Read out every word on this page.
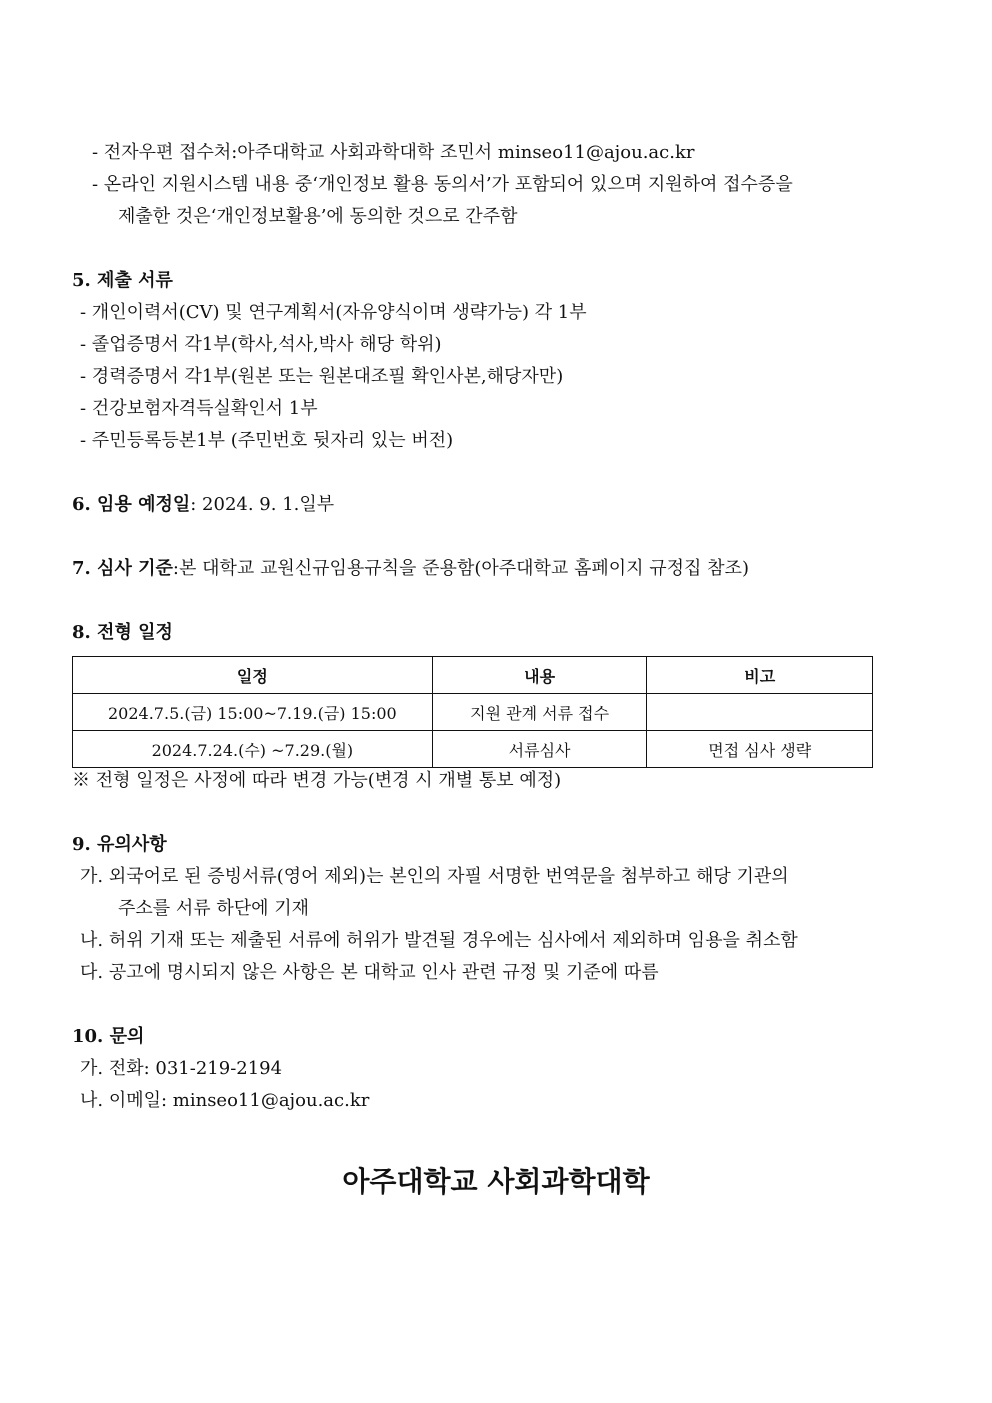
- 전자우편 접수처:아주대학교 사회과학대학 조민서 minseo11@ajou.ac.kr
- 온라인 지원시스템 내용 중‘개인정보 활용 동의서’가 포함되어 있으며 지원하여 접수증을
제출한 것은‘개인정보활용’에 동의한 것으로 간주함
5. 제출 서류
- 개인이력서(CV) 및 연구계획서(자유양식이며 생략가능) 각 1부
- 졸업증명서 각1부(학사,석사,박사 해당 학위)
- 경력증명서 각1부(원본 또는 원본대조필 확인사본,해당자만)
- 건강보험자격득실확인서 1부
- 주민등록등본1부 (주민번호 뒷자리 있는 버전)
6. 임용 예정일: 2024. 9. 1.일부
7. 심사 기준:본 대학교 교원신규임용규칙을 준용함(아주대학교 홈페이지 규정집 참조)
8. 전형 일정
일정	내용	비고
2024.7.5.(금) 15:00~7.19.(금) 15:00	지원 관계 서류 접수	
2024.7.24.(수) ~7.29.(월)	서류심사	면접 심사 생략
※ 전형 일정은 사정에 따라 변경 가능(변경 시 개별 통보 예정)
9. 유의사항
가. 외국어로 된 증빙서류(영어 제외)는 본인의 자필 서명한 번역문을 첨부하고 해당 기관의
주소를 서류 하단에 기재
나. 허위 기재 또는 제출된 서류에 허위가 발견될 경우에는 심사에서 제외하며 임용을 취소함
다. 공고에 명시되지 않은 사항은 본 대학교 인사 관련 규정 및 기준에 따름
10. 문의
가. 전화: 031-219-2194
나. 이메일: minseo11@ajou.ac.kr
아주대학교 사회과학대학
